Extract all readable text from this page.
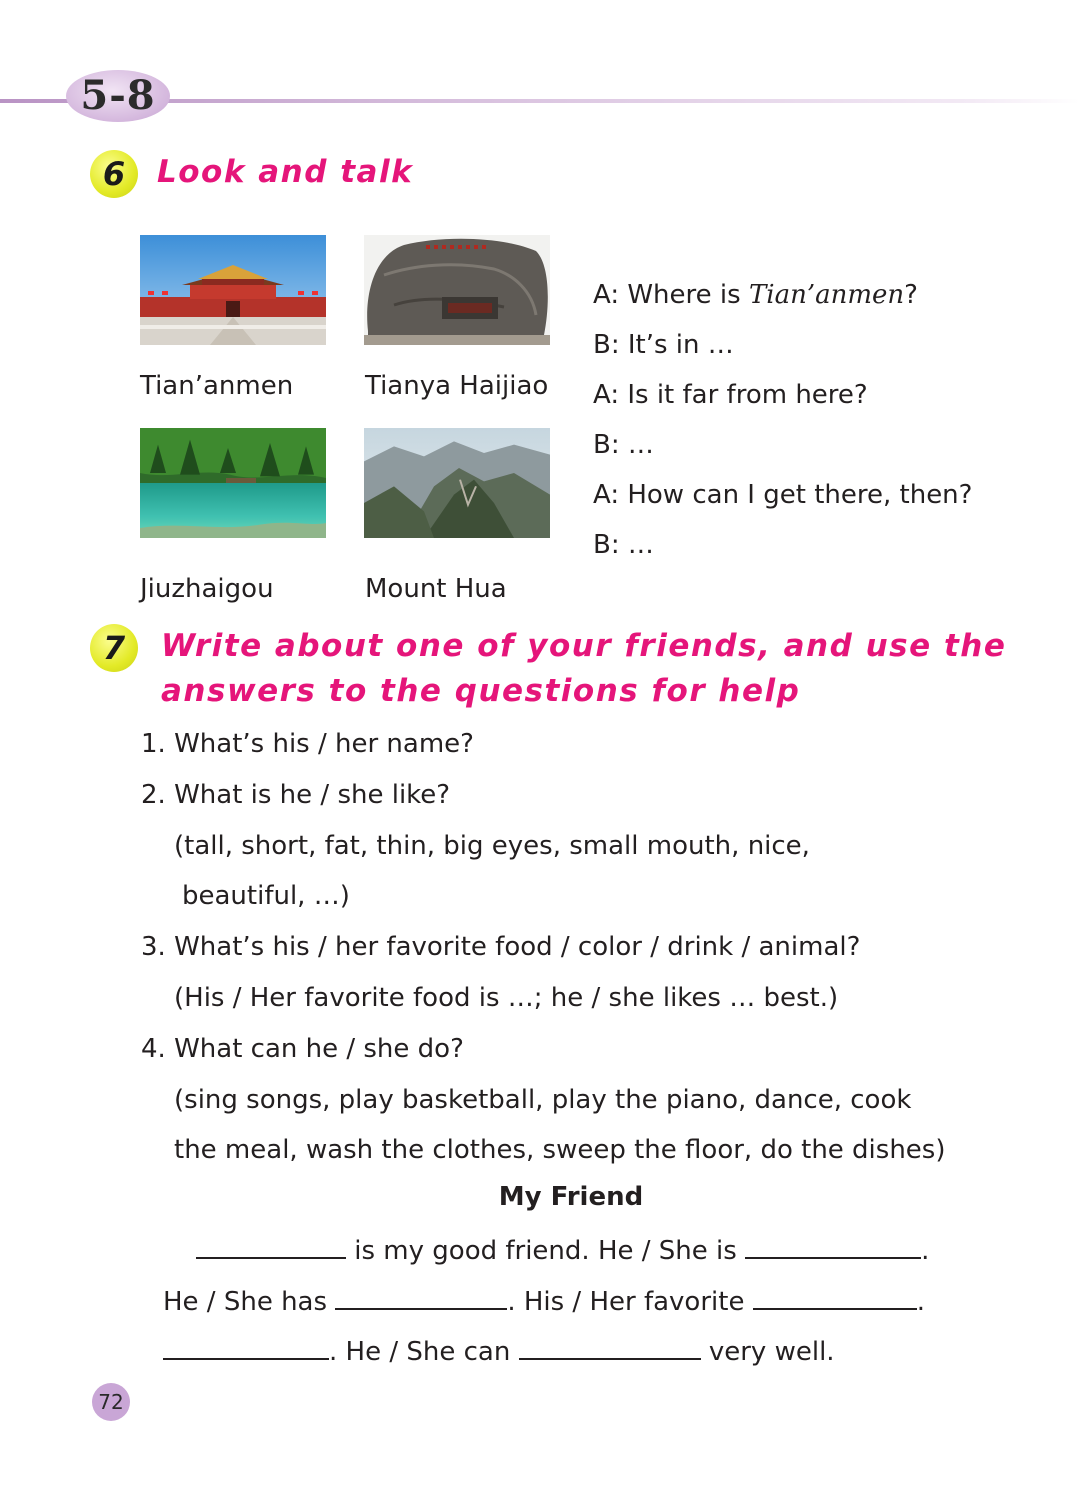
5-8
6	Look and talk
Tian’anmen	Tianya Haijiao
Jiuzhaigou	Mount Hua
A: Where is Tian’anmen?
B: It’s in …
A: Is it far from here?
B: …
A: How can I get there, then?
B: …
7	Write about one of your friends, and use the
answers to the questions for help
1. What’s his / her name?
2. What is he / she like?
(tall, short, fat, thin, big eyes, small mouth, nice,
beautiful, …)
3. What’s his / her favorite food / color / drink / animal?
(His / Her favorite food is …; he / she likes … best.)
4. What can he / she do?
(sing songs, play basketball, play the piano, dance, cook
the meal, wash the clothes, sweep the floor, do the dishes)
My Friend
is my good friend. He / She is	.
He / She has	. His / Her favorite	.
. He / She can	very well.
72
